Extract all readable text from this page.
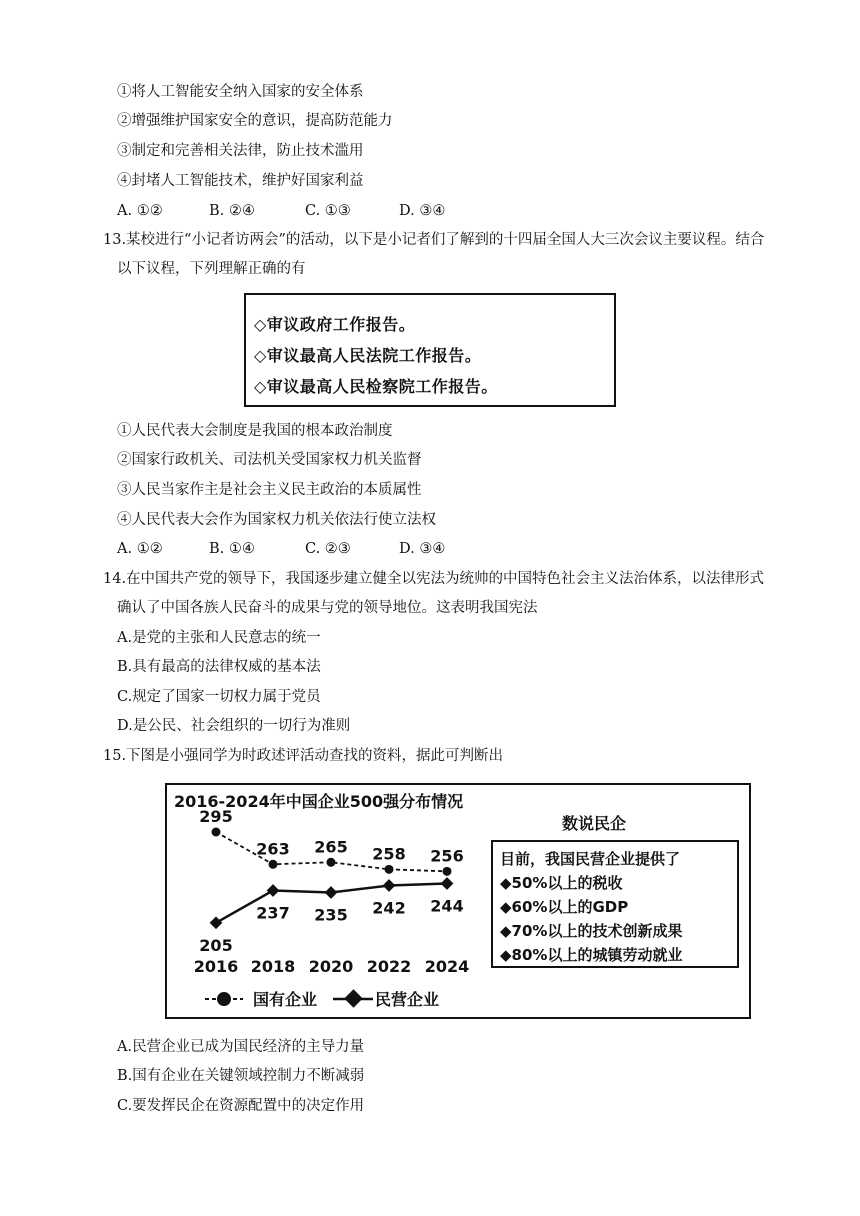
①将人工智能安全纳入国家的安全体系
②增强维护国家安全的意识，提高防范能力
③制定和完善相关法律，防止技术滥用
④封堵人工智能技术，维护好国家利益
A. ①②	B. ②④	C. ①③	D. ③④
13.某校进行“小记者访两会”的活动，以下是小记者们了解到的十四届全国人大三次会议主要议程。结合
以下议程，下列理解正确的有
◇审议政府工作报告。
◇审议最高人民法院工作报告。
◇审议最高人民检察院工作报告。
①人民代表大会制度是我国的根本政治制度
②国家行政机关、司法机关受国家权力机关监督
③人民当家作主是社会主义民主政治的本质属性
④人民代表大会作为国家权力机关依法行使立法权
A. ①②	B. ①④	C. ②③	D. ③④
14.在中国共产党的领导下，我国逐步建立健全以宪法为统帅的中国特色社会主义法治体系，以法律形式
确认了中国各族人民奋斗的成果与党的领导地位。这表明我国宪法
A.是党的主张和人民意志的统一
B.具有最高的法律权威的基本法
C.规定了国家一切权力属于党员
D.是公民、社会组织的一切行为准则
15.下图是小强同学为时政述评活动查找的资料，据此可判断出
2016-2024年中国企业500强分布情况
295
263 265 258 256
205
237 235 242 244
2016 2018 2020 2022 2024
数说民企
目前，我国民营企业提供了
◆50%以上的税收
◆60%以上的GDP
◆70%以上的技术创新成果
◆80%以上的城镇劳动就业
国有企业	民营企业
A.民营企业已成为国民经济的主导力量
B.国有企业在关键领域控制力不断减弱
C.要发挥民企在资源配置中的决定作用
